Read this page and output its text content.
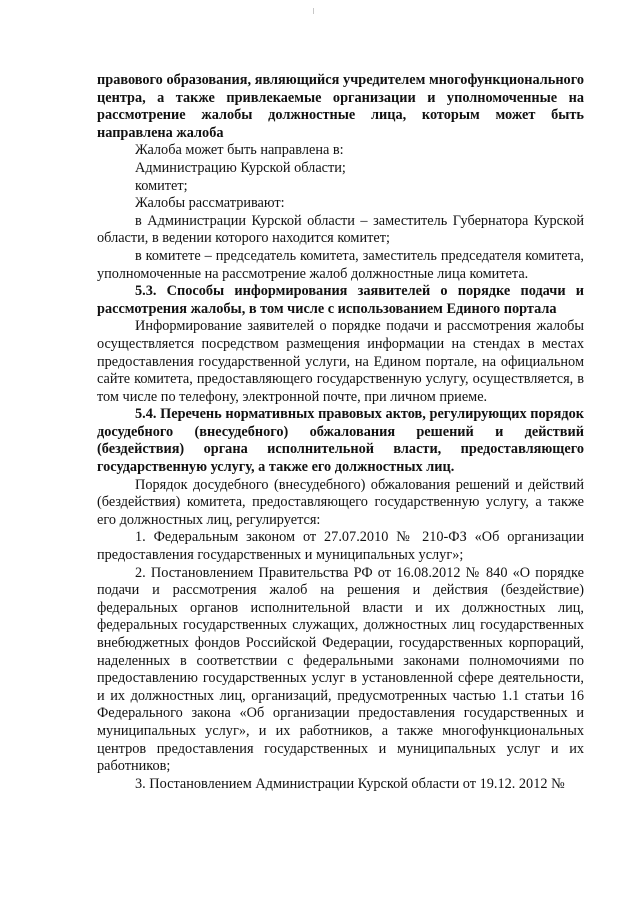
правового образования, являющийся учредителем многофункционального центра, а также привлекаемые организации и уполномоченные на рассмотрение жалобы должностные лица, которым может быть направлена жалоба

Жалоба может быть направлена в:

Администрацию Курской области;

комитет;

Жалобы рассматривают:

в Администрации Курской области – заместитель Губернатора Курской области, в ведении которого находится комитет;

в комитете – председатель комитета, заместитель председателя комитета, уполномоченные на рассмотрение жалоб должностные лица комитета.

5.3. Способы информирования заявителей о порядке подачи и рассмотрения жалобы, в том числе с использованием Единого портала

Информирование заявителей о порядке подачи и рассмотрения жалобы осуществляется посредством размещения информации на стендах в местах предоставления государственной услуги, на Едином портале, на официальном сайте комитета, предоставляющего государственную услугу, осуществляется, в том числе по телефону, электронной почте, при личном приеме.

5.4. Перечень нормативных правовых актов, регулирующих порядок досудебного (внесудебного) обжалования решений и действий (бездействия) органа исполнительной власти, предоставляющего государственную услугу, а также его должностных лиц.

Порядок досудебного (внесудебного) обжалования решений и действий (бездействия) комитета, предоставляющего государственную услугу, а также его должностных лиц, регулируется:

1. Федеральным законом от 27.07.2010 № 210-ФЗ «Об организации предоставления государственных и муниципальных услуг»;

2. Постановлением Правительства РФ от 16.08.2012 № 840 «О порядке подачи и рассмотрения жалоб на решения и действия (бездействие) федеральных органов исполнительной власти и их должностных лиц, федеральных государственных служащих, должностных лиц государственных внебюджетных фондов Российской Федерации, государственных корпораций, наделенных в соответствии с федеральными законами полномочиями по предоставлению государственных услуг в установленной сфере деятельности, и их должностных лиц, организаций, предусмотренных частью 1.1 статьи 16 Федерального закона «Об организации предоставления государственных и муниципальных услуг», и их работников, а также многофункциональных центров предоставления государственных и муниципальных услуг и их работников;

3. Постановлением Администрации Курской области от 19.12. 2012 №
